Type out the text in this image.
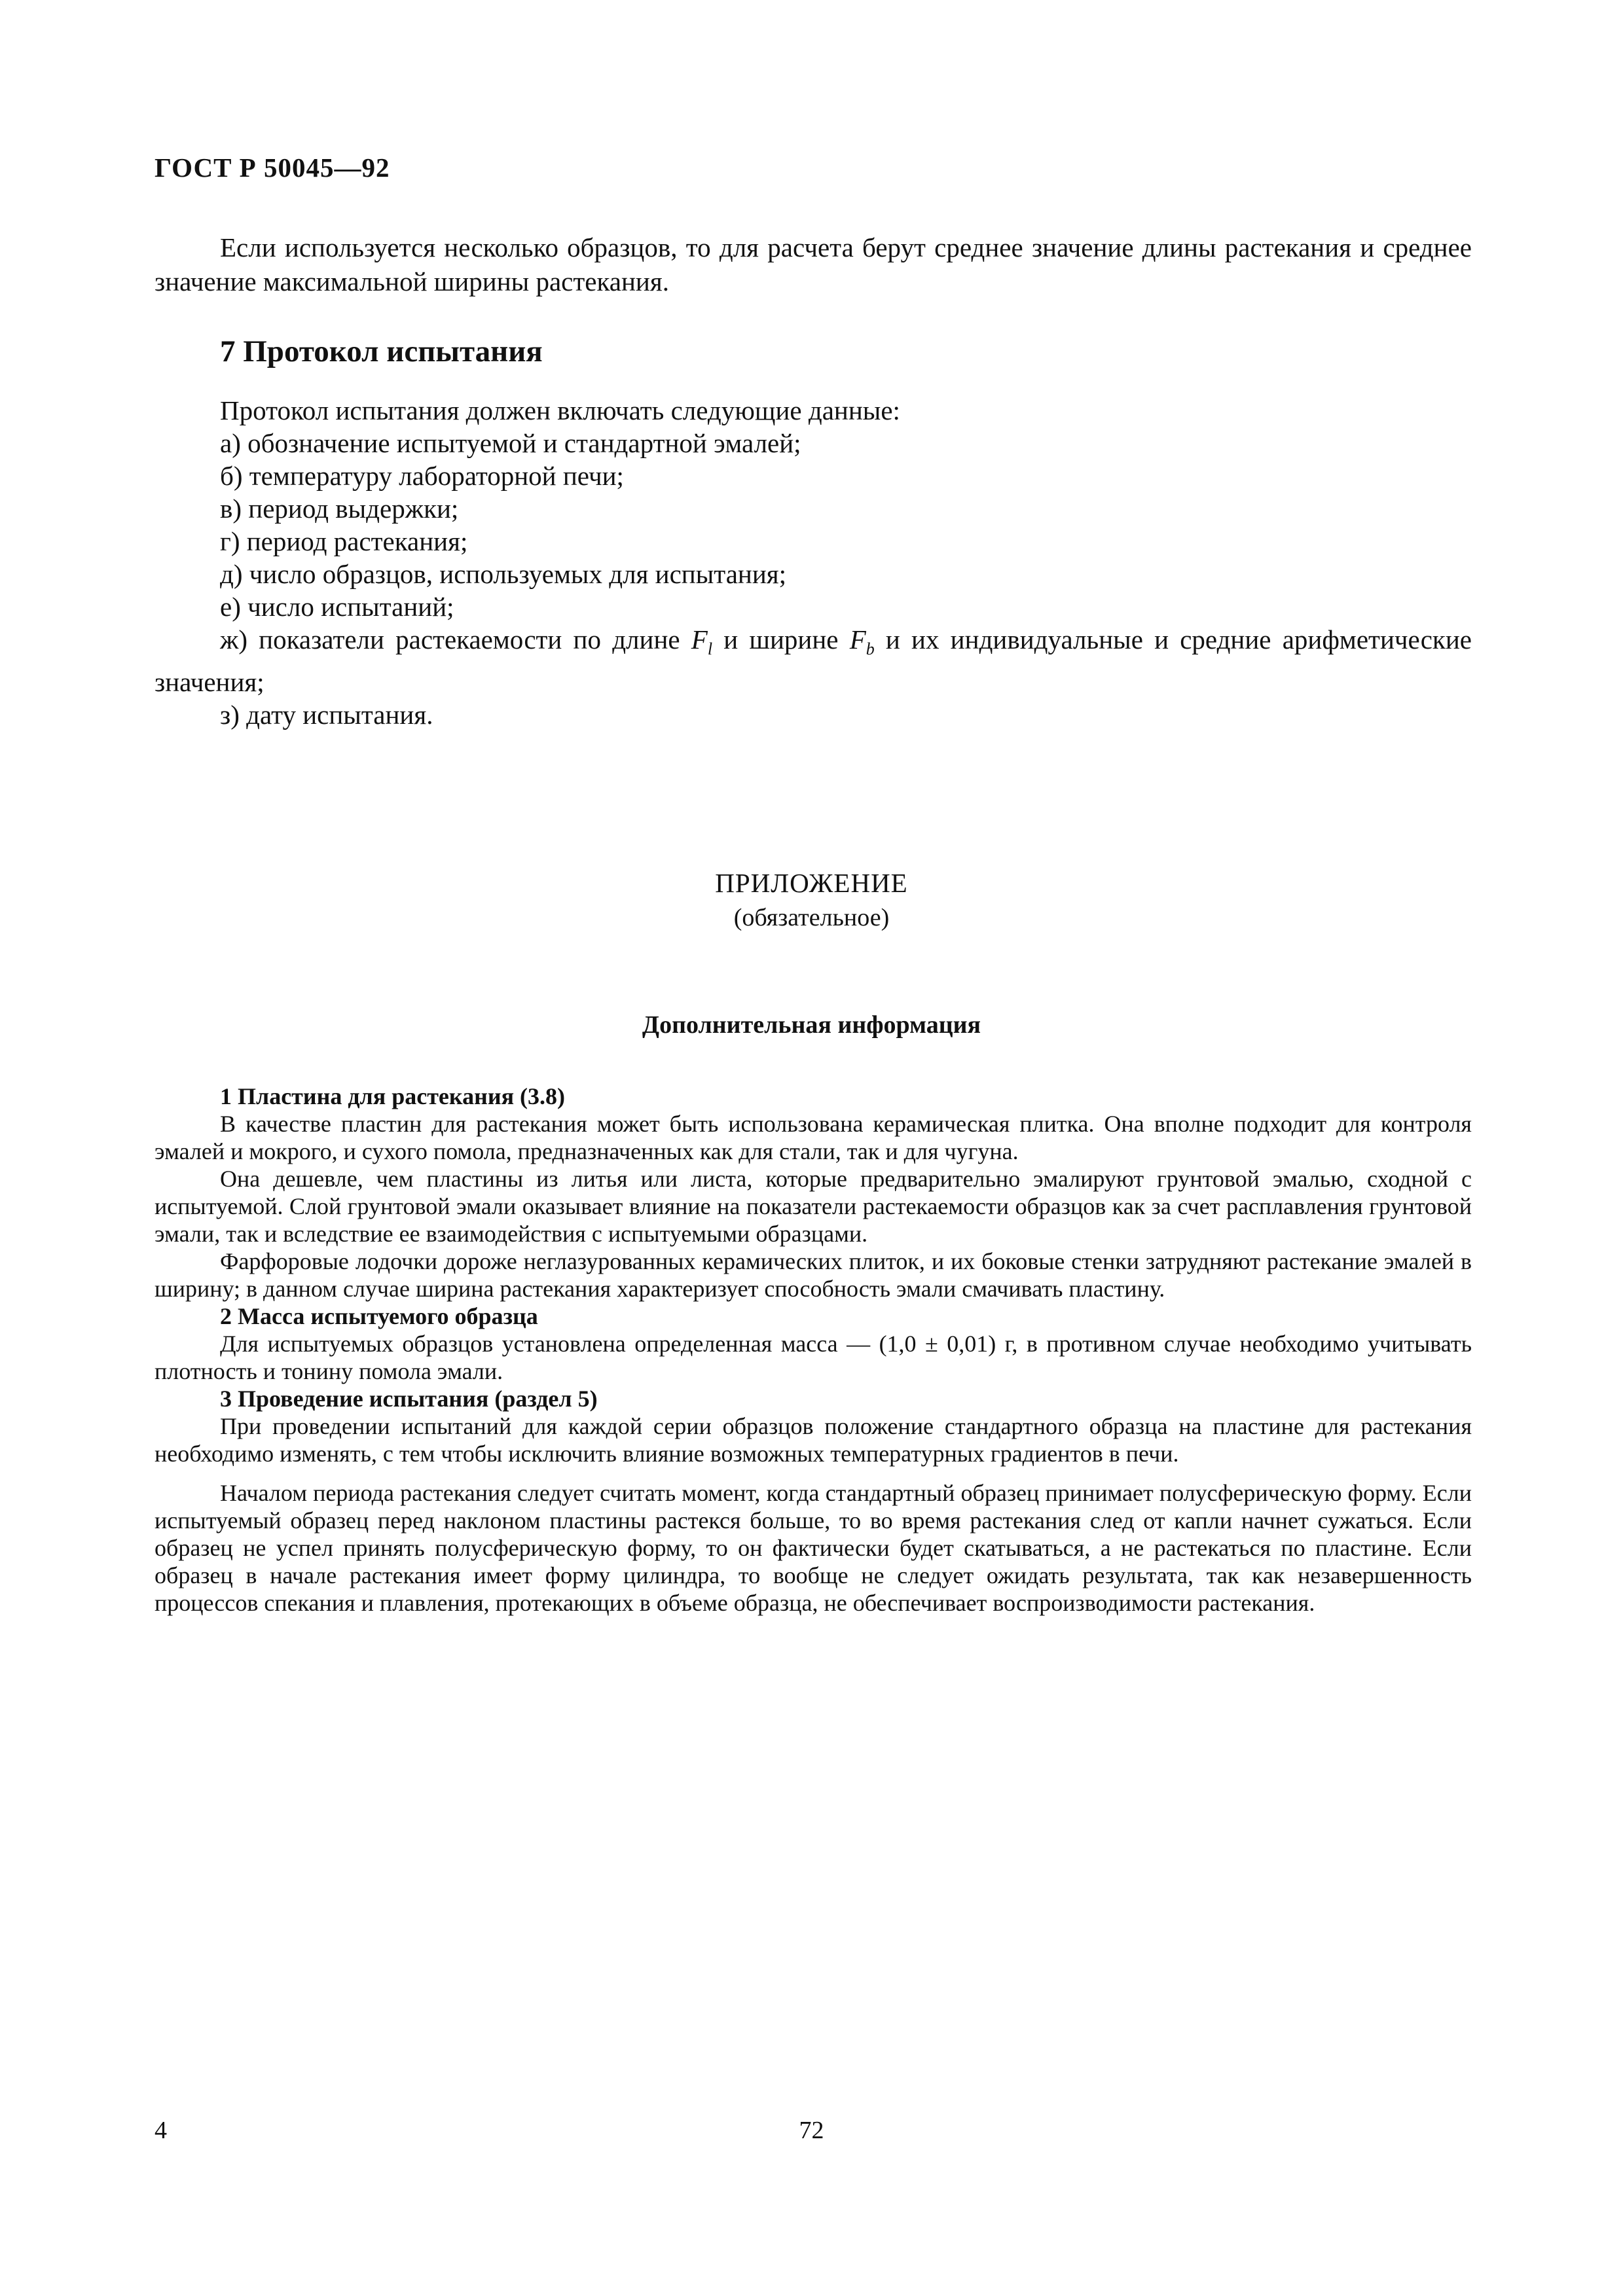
ГОСТ Р 50045—92

Если используется несколько образцов, то для расчета берут среднее значение длины растекания и среднее значение максимальной ширины растекания.

7 Протокол испытания

Протокол испытания должен включать следующие данные:

а) обозначение испытуемой и стандартной эмалей;

б) температуру лабораторной печи;

в) период выдержки;

г) период растекания;

д) число образцов, используемых для испытания;

е) число испытаний;

ж) показатели растекаемости по длине $F_l$ и ширине $F_b$ и их индивидуальные и средние арифметические значения;

з) дату испытания.

ПРИЛОЖЕНИЕ
(обязательное)
Дополнительная информация

1 Пластина для растекания (3.8)

В качестве пластин для растекания может быть использована керамическая плитка. Она вполне подходит для контроля эмалей и мокрого, и сухого помола, предназначенных как для стали, так и для чугуна.

Она дешевле, чем пластины из литья или листа, которые предварительно эмалируют грунтовой эмалью, сходной с испытуемой. Слой грунтовой эмали оказывает влияние на показатели растекаемости образцов как за счет расплавления грунтовой эмали, так и вследствие ее взаимодействия с испытуемыми образцами.

Фарфоровые лодочки дороже неглазурованных керамических плиток, и их боковые стенки затрудняют растекание эмалей в ширину; в данном случае ширина растекания характеризует способность эмали смачивать пластину.

2 Масса испытуемого образца

Для испытуемых образцов установлена определенная масса — (1,0 ± 0,01) г, в противном случае необходимо учитывать плотность и тонину помола эмали.

3 Проведение испытания (раздел 5)

При проведении испытаний для каждой серии образцов положение стандартного образца на пластине для растекания необходимо изменять, с тем чтобы исключить влияние возможных температурных градиентов в печи.

Началом периода растекания следует считать момент, когда стандартный образец принимает полусферическую форму. Если испытуемый образец перед наклоном пластины растекся больше, то во время растекания след от капли начнет сужаться. Если образец не успел принять полусферическую форму, то он фактически будет скатываться, а не растекаться по пластине. Если образец в начале растекания имеет форму цилиндра, то вообще не следует ожидать результата, так как незавершенность процессов спекания и плавления, протекающих в объеме образца, не обеспечивает воспроизводимости растекания.

4	72
